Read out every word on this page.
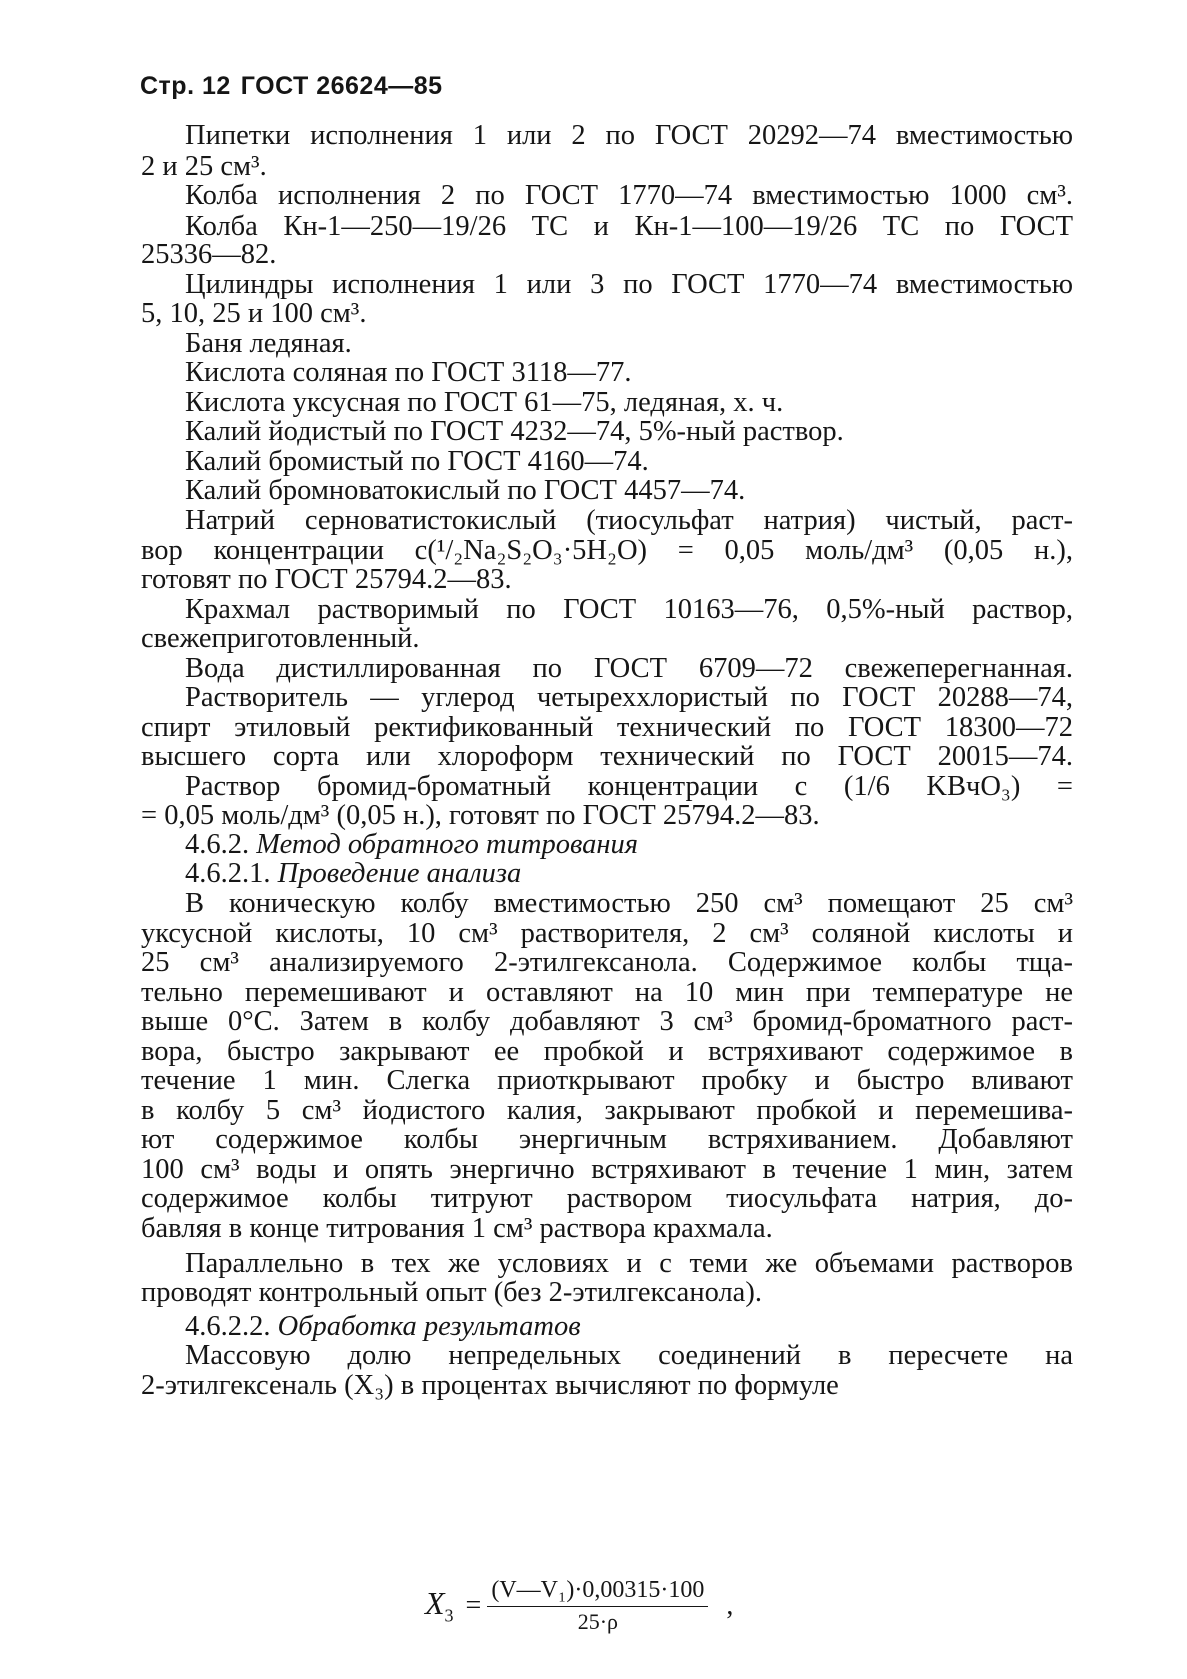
Стр. 12 ГОСТ 26624—85
Пипетки исполнения 1 или 2 по ГОСТ 20292—74 вместимостью
2 и 25 см³.
Колба исполнения 2 по ГОСТ 1770—74 вместимостью 1000 см³.
Колба Кн-1—250—19/26 ТС и Кн-1—100—19/26 ТС по ГОСТ
25336—82.
Цилиндры исполнения 1 или 3 по ГОСТ 1770—74 вместимостью
5, 10, 25 и 100 см³.
Баня ледяная.
Кислота соляная по ГОСТ 3118—77.
Кислота уксусная по ГОСТ 61—75, ледяная, х. ч.
Калий йодистый по ГОСТ 4232—74, 5%-ный раствор.
Калий бромистый по ГОСТ 4160—74.
Калий бромноватокислый по ГОСТ 4457—74.
Натрий серноватистокислый (тиосульфат натрия) чистый, раст-
вор концентрации c(¹/₂Na₂S₂O₃·5H₂O) = 0,05 моль/дм³ (0,05 н.),
готовят по ГОСТ 25794.2—83.
Крахмал растворимый по ГОСТ 10163—76, 0,5%-ный раствор,
свежеприготовленный.
Вода дистиллированная по ГОСТ 6709—72 свежеперегнанная.
Растворитель — углерод четыреххлористый по ГОСТ 20288—74,
спирт этиловый ректификованный технический по ГОСТ 18300—72
высшего сорта или хлороформ технический по ГОСТ 20015—74.
Раствор бромид-броматный концентрации c (1/6 KBчO₃) =
= 0,05 моль/дм³ (0,05 н.), готовят по ГОСТ 25794.2—83.
4.6.2. Метод обратного титрования
4.6.2.1. Проведение анализа
В коническую колбу вместимостью 250 см³ помещают 25 см³
уксусной кислоты, 10 см³ растворителя, 2 см³ соляной кислоты и
25 см³ анализируемого 2-этилгексанола. Содержимое колбы тща-
тельно перемешивают и оставляют на 10 мин при температуре не
выше 0°С. Затем в колбу добавляют 3 см³ бромид-броматного раст-
вора, быстро закрывают ее пробкой и встряхивают содержимое в
течение 1 мин. Слегка приоткрывают пробку и быстро вливают
в колбу 5 см³ йодистого калия, закрывают пробкой и перемешива-
ют содержимое колбы энергичным встряхиванием. Добавляют
100 см³ воды и опять энергично встряхивают в течение 1 мин, затем
содержимое колбы титруют раствором тиосульфата натрия, до-
бавляя в конце титрования 1 см³ раствора крахмала.
Параллельно в тех же условиях и с теми же объемами растворов
проводят контрольный опыт (без 2-этилгексанола).
4.6.2.2. Обработка результатов
Массовую долю непредельных соединений в пересчете на
2-этилгексеналь (X₃) в процентах вычисляют по формуле
$X_3 = \frac{\text{(V—V₁)·0,00315·100}}{25\cdot\rho}$ ,
